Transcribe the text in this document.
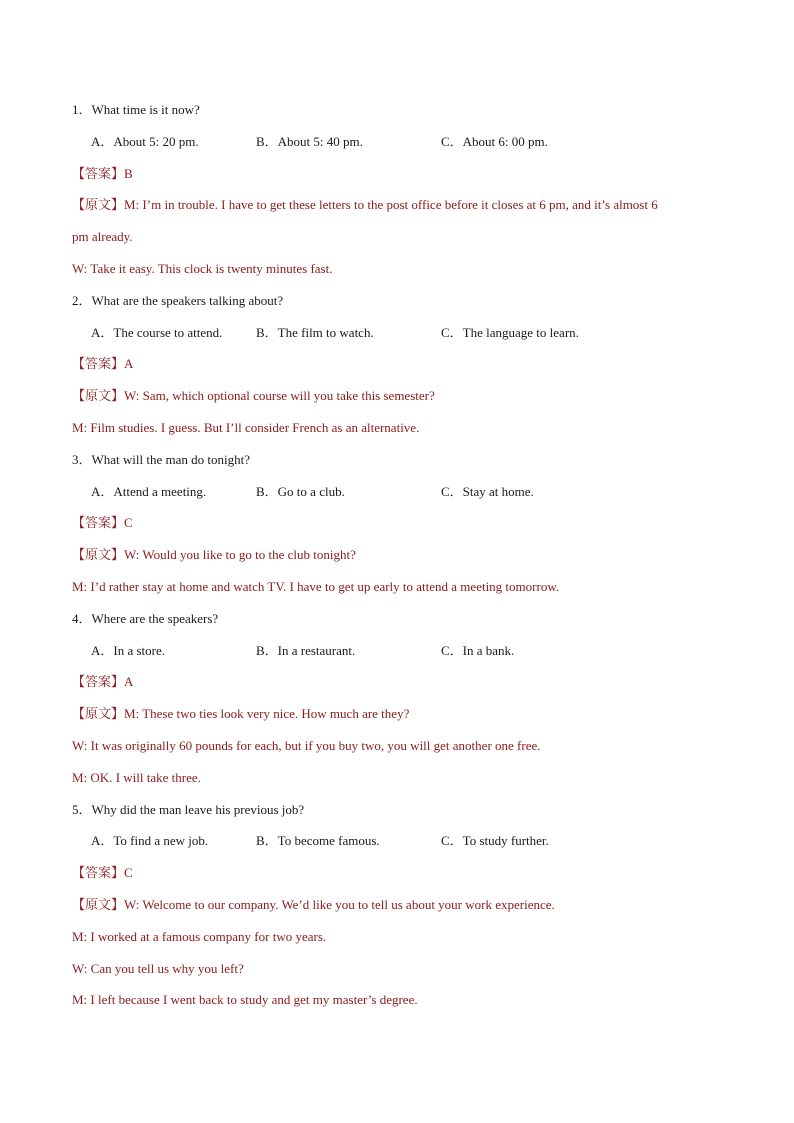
1．What time is it now?
A．About 5: 20 pm.	B．About 5: 40 pm.	C．About 6: 00 pm.
【答案】B
【原文】M: I’m in trouble. I have to get these letters to the post office before it closes at 6 pm, and it’s almost 6
pm already.
W: Take it easy. This clock is twenty minutes fast.
2．What are the speakers talking about?
A．The course to attend.	B．The film to watch.	C．The language to learn.
【答案】A
【原文】W: Sam, which optional course will you take this semester?
M: Film studies. I guess. But I’ll consider French as an alternative.
3．What will the man do tonight?
A．Attend a meeting.	B．Go to a club.	C．Stay at home.
【答案】C
【原文】W: Would you like to go to the club tonight?
M: I’d rather stay at home and watch TV. I have to get up early to attend a meeting tomorrow.
4．Where are the speakers?
A．In a store.	B．In a restaurant.	C．In a bank.
【答案】A
【原文】M: These two ties look very nice. How much are they?
W: It was originally 60 pounds for each, but if you buy two, you will get another one free.
M: OK. I will take three.
5．Why did the man leave his previous job?
A．To find a new job.	B．To become famous.	C．To study further.
【答案】C
【原文】W: Welcome to our company. We’d like you to tell us about your work experience.
M: I worked at a famous company for two years.
W: Can you tell us why you left?
M: I left because I went back to study and get my master’s degree.
